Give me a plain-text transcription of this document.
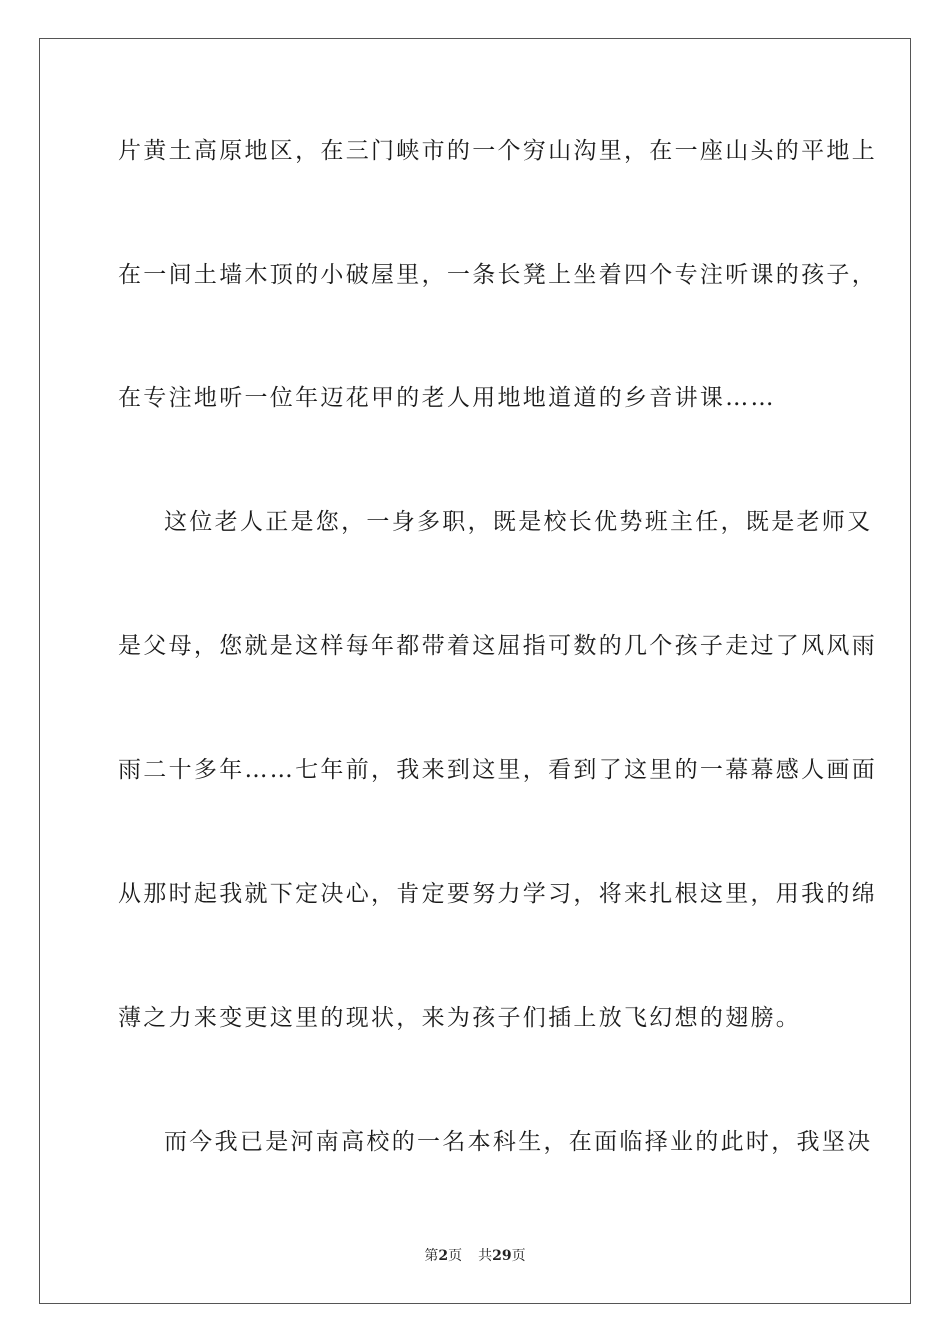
片黄土高原地区，在三门峡市的一个穷山沟里，在一座山头的平地上
在一间土墙木顶的小破屋里，一条长凳上坐着四个专注听课的孩子，
在专注地听一位年迈花甲的老人用地地道道的乡音讲课……
这位老人正是您，一身多职，既是校长优势班主任，既是老师又
是父母，您就是这样每年都带着这屈指可数的几个孩子走过了风风雨
雨二十多年……七年前，我来到这里，看到了这里的一幕幕感人画面
从那时起我就下定决心，肯定要努力学习，将来扎根这里，用我的绵
薄之力来变更这里的现状，来为孩子们插上放飞幻想的翅膀。
而今我已是河南高校的一名本科生，在面临择业的此时，我坚决
第2页 共29页
